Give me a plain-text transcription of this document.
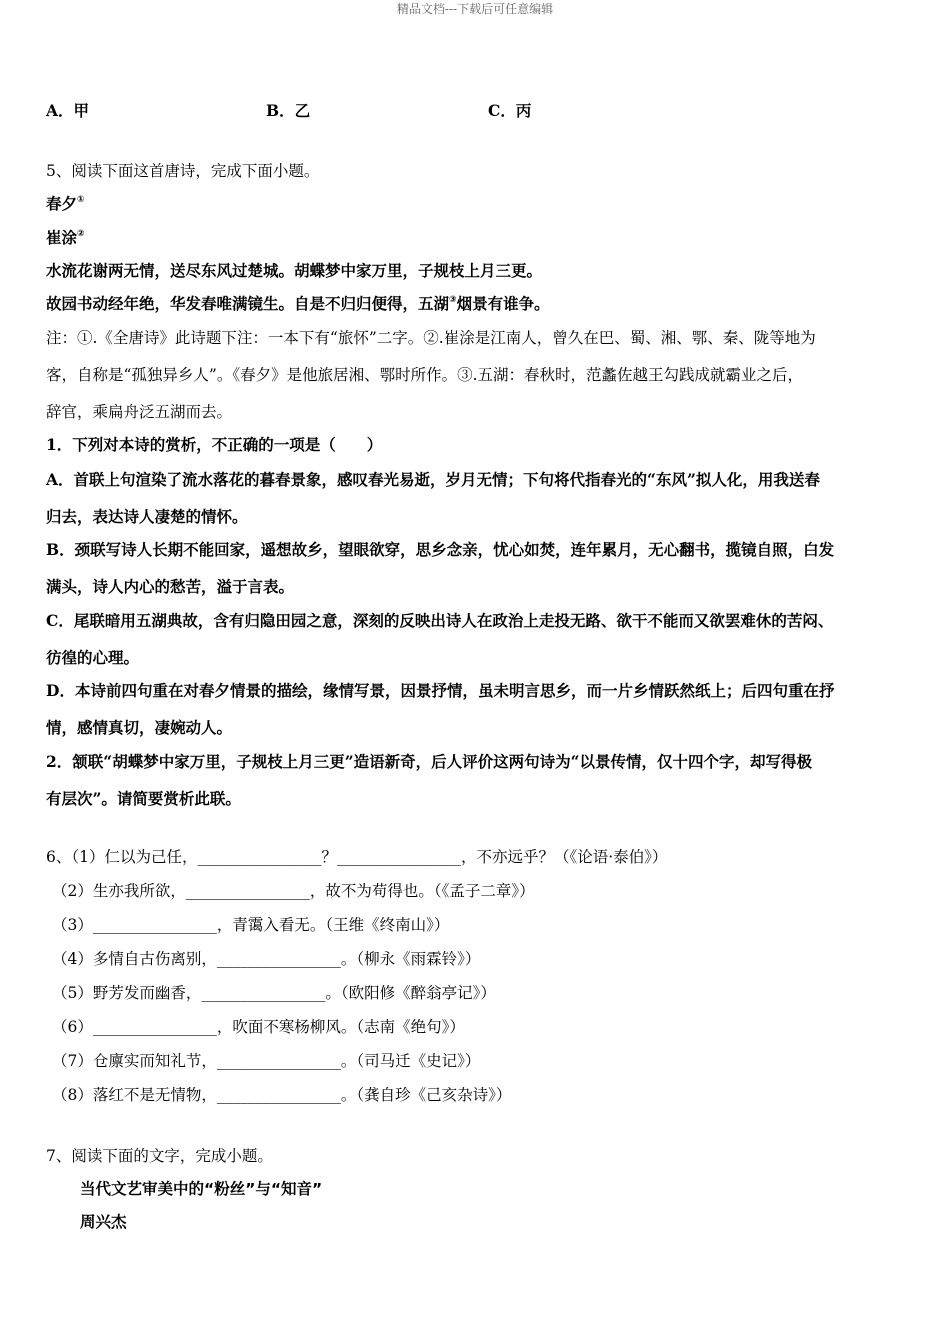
精品文档---下载后可任意编辑
A．甲	B．乙	C．丙
5、阅读下面这首唐诗，完成下面小题。
春夕①
崔涂②
水流花谢两无情，送尽东风过楚城。胡蝶梦中家万里，子规枝上月三更。
故园书动经年绝，华发春唯满镜生。自是不归归便得，五湖③烟景有谁争。
注：①.《全唐诗》此诗题下注：一本下有“旅怀”二字。②.崔涂是江南人，曾久在巴、蜀、湘、鄂、秦、陇等地为
客，自称是“孤独异乡人”。《春夕》是他旅居湘、鄂时所作。③.五湖：春秋时，范蠡佐越王勾践成就霸业之后，
辞官，乘扁舟泛五湖而去。
1．下列对本诗的赏析，不正确的一项是（　　）
A．首联上句渲染了流水落花的暮春景象，感叹春光易逝，岁月无情；下句将代指春光的“东风”拟人化，用我送春
归去，表达诗人凄楚的情怀。
B．颈联写诗人长期不能回家，遥想故乡，望眼欲穿，思乡念亲，忧心如焚，连年累月，无心翻书，揽镜自照，白发
满头，诗人内心的愁苦，溢于言表。
C．尾联暗用五湖典故，含有归隐田园之意，深刻的反映出诗人在政治上走投无路、欲干不能而又欲罢难休的苦闷、
彷徨的心理。
D．本诗前四句重在对春夕情景的描绘，缘情写景，因景抒情，虽未明言思乡，而一片乡情跃然纸上；后四句重在抒
情，感情真切，凄婉动人。
2．颔联“胡蝶梦中家万里，子规枝上月三更”造语新奇，后人评价这两句诗为“以景传情，仅十四个字，却写得极
有层次”。请简要赏析此联。
6、（1）仁以为己任，________________？________________，不亦远乎？（《论语·泰伯》）
（2）生亦我所欲，________________，故不为苟得也。（《孟子二章》）
（3）________________，青霭入看无。（王维《终南山》）
（4）多情自古伤离别，________________。（柳永《雨霖铃》）
（5）野芳发而幽香，________________。（欧阳修《醉翁亭记》）
（6）________________，吹面不寒杨柳风。（志南《绝句》）
（7）仓廪实而知礼节，________________。（司马迁《史记》）
（8）落红不是无情物，________________。（龚自珍《己亥杂诗》）
7、阅读下面的文字，完成小题。
当代文艺审美中的“粉丝”与“知音”
周兴杰
